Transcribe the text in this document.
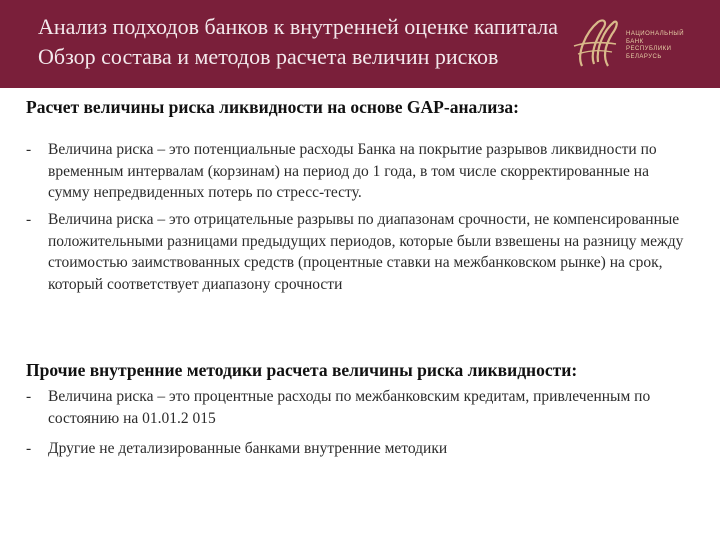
Анализ подходов банков к внутренней оценке капитала
Обзор состава и методов расчета величин рисков
НАЦИОНАЛЬНЫЙ
БАНК
РЕСПУБЛИКИ
БЕЛАРУСЬ
Расчет величины риска ликвидности на основе GAP-анализа:
- Величина риска – это потенциальные расходы Банка на покрытие разрывов ликвидности по временным интервалам (корзинам) на период до 1 года, в том числе скорректированные на сумму непредвиденных потерь по стресс-тесту.
- Величина риска – это отрицательные разрывы по диапазонам срочности, не компенсированные положительными разницами предыдущих периодов, которые были взвешены на разницу между стоимостью заимствованных средств (процентные ставки на межбанковском рынке) на срок, который соответствует диапазону срочности
Прочие внутренние методики расчета величины риска ликвидности:
- Величина риска – это процентные расходы по межбанковским кредитам, привлеченным по состоянию на 01.01.2 015
- Другие не детализированные банками внутренние методики
